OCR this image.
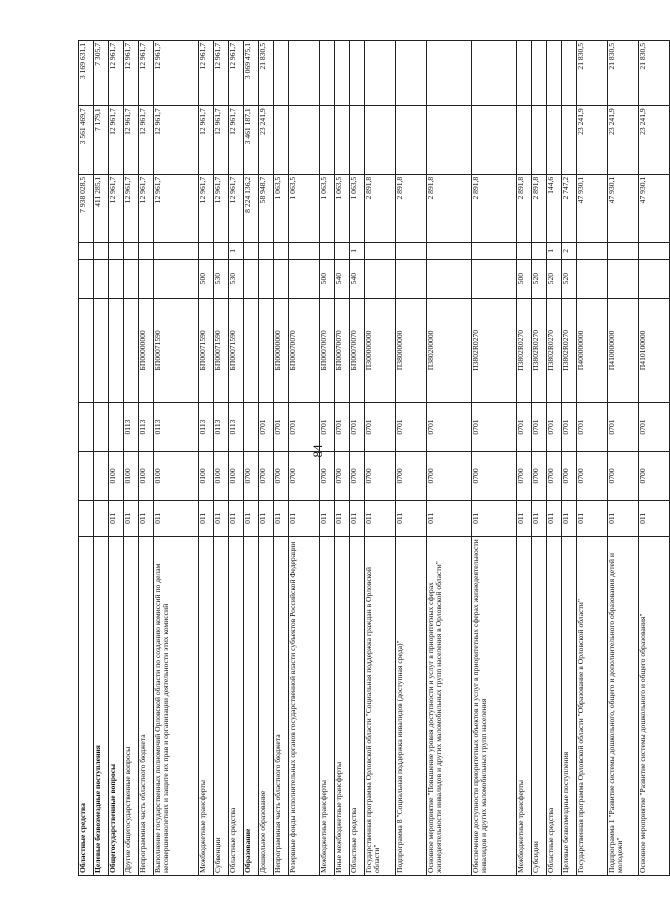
84
Областные средства							7 938 028,5	3 561 469,7	3 169 631,1
Целевые безвозмездные поступления							411 285,1	7 179,1	7 305,7
Общегосударственные вопросы	011	0100					12 961,7	12 961,7	12 961,7
Другие общегосударственные вопросы	011	0100	0113				12 961,7	12 961,7	12 961,7
Непрограммная часть областного бюджета	011	0100	0113	БП00000000			12 961,7	12 961,7	12 961,7
Выполнение государственных полномочий Орловской области по созданию комиссий по делам несовершеннолетних и защите их прав и организации деятельности этих комиссий	011	0100	0113	БП00071590			12 961,7	12 961,7	12 961,7
Межбюджетные трансферты	011	0100	0113	БП00071590	500		12 961,7	12 961,7	12 961,7
Субвенции	011	0100	0113	БП00071590	530		12 961,7	12 961,7	12 961,7
Областные средства	011	0100	0113	БП00071590	530	1	12 961,7	12 961,7	12 961,7
Образование	011	0700					8 224 136,2	3 461 187,1	3 069 475,1
Дошкольное образование	011	0700	0701				58 948,7	23 241,9	21 830,5
Непрограммная часть областного бюджета	011	0700	0701	БП00000000			1 063,5		
Резервные фонды исполнительных органов государственной власти субъектов Российской Федерации	011	0700	0701	БП00070070			1 063,5		
Межбюджетные трансферты	011	0700	0701	БП00070070	500		1 063,5		
Иные межбюджетные трансферты	011	0700	0701	БП00070070	540		1 063,5		
Областные средства	011	0700	0701	БП00070070	540	1	1 063,5		
Государственная программа Орловской области "Социальная поддержка граждан в Орловской области"	011	0700	0701	П300000000			2 891,8		
Подпрограмма 8 "Социальная поддержка инвалидов (доступная среда)"	011	0700	0701	П380000000			2 891,8		
Основное мероприятие "Повышение уровня доступности и услуг в приоритетных сферах жизнедеятельности инвалидов и других маломобильных групп населения в Орловской области"	011	0700	0701	П380200000			2 891,8		
Обеспечение доступности приоритетных объектов и услуг в приоритетных сферах жизнедеятельности инвалидов и других маломобильных групп населения	011	0700	0701	П3802R0270			2 891,8		
Межбюджетные трансферты	011	0700	0701	П3802R0270	500		2 891,8		
Субсидии	011	0700	0701	П3802R0270	520		2 891,8		
Областные средства	011	0700	0701	П3802R0270	520	1	144,6		
Целевые безвозмездные поступления	011	0700	0701	П3802R0270	520	2	2 747,2		
Государственная программа Орловской области "Образование в Орловской области"	011	0700	0701	П400000000			47 930,1	23 241,9	21 830,5
Подпрограмма 1 "Развитие системы дошкольного, общего и дополнительного образования детей и молодежи"	011	0700	0701	П410000000			47 930,1	23 241,9	21 830,5
Основное мероприятие "Развитие системы дошкольного и общего образования"	011	0700	0701	П410100000			47 930,1	23 241,9	21 830,5
